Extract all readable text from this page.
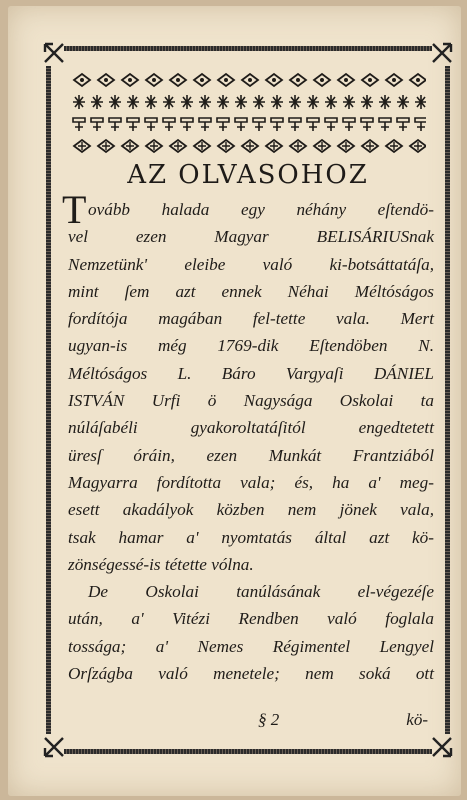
AZ OLVASOHOZ
T ovább halada egy néhány eſtendö-
vel ezen Magyar BELISÁRIUSnak
Nemzetünk' eleibe való ki-botsáttatáſa,
mint ſem azt ennek Néhai Méltóságos
fordítója magában fel-tette vala. Mert
ugyan-is még 1769-dik Eſtendöben N.
Méltóságos L. Báro Vargyaſi DÁNIEL
ISTVÁN Urfi ö Nagysága Oskolai ta
núláſabéli gyakoroltatáſitól engedtetett
üresſ óráin, ezen Munkát Frantziából
Magyarra fordította vala; és, ha a' meg-
esett akadályok közben nem jönek vala,
tsak hamar a' nyomtatás által azt kö-
zönségessé-is tétette vólna.
De Oskolai tanúlásának el-végezéſe
után, a' Vitézi Rendben való foglala
tossága; a' Nemes Régimentel Lengyel
Orſzágba való menetele; nem soká ott
§ 2	kö-
